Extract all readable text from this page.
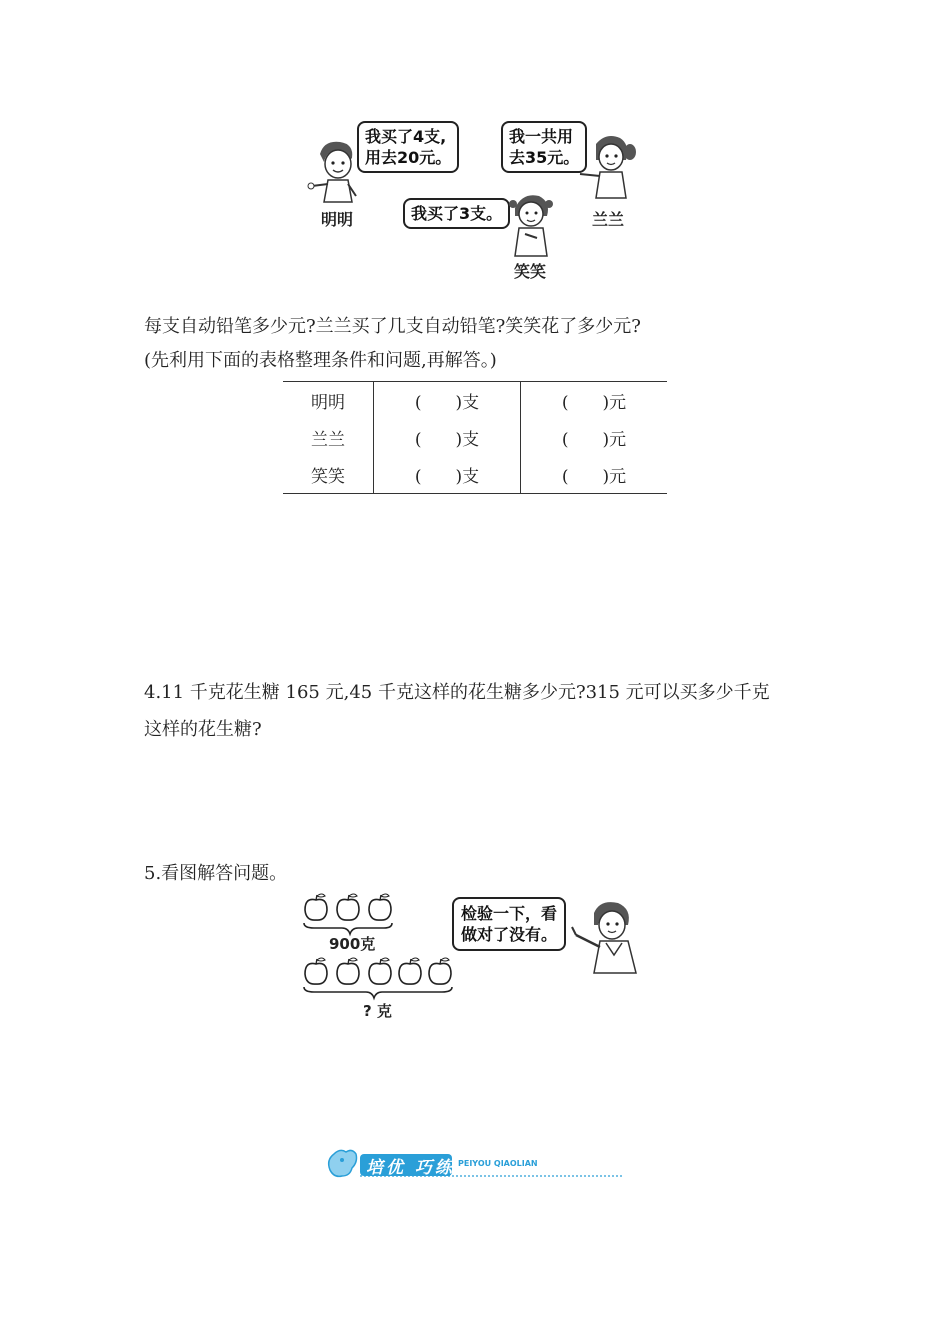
我买了4支,
用去20元。
明明
我一共用
去35元。
兰兰
我买了3支。
笑笑
每支自动铅笔多少元?兰兰买了几支自动铅笔?笑笑花了多少元?
(先利用下面的表格整理条件和问题,再解答。)
明明	(　　)支	(　　)元
兰兰	(　　)支	(　　)元
笑笑	(　　)支	(　　)元
4.11 千克花生糖 165 元,45 千克这样的花生糖多少元?315 元可以买多少千克
这样的花生糖?
5.看图解答问题。
900克
? 克
检验一下，看
做对了没有。
培优 巧练 PEIYOU QIAOLIAN
